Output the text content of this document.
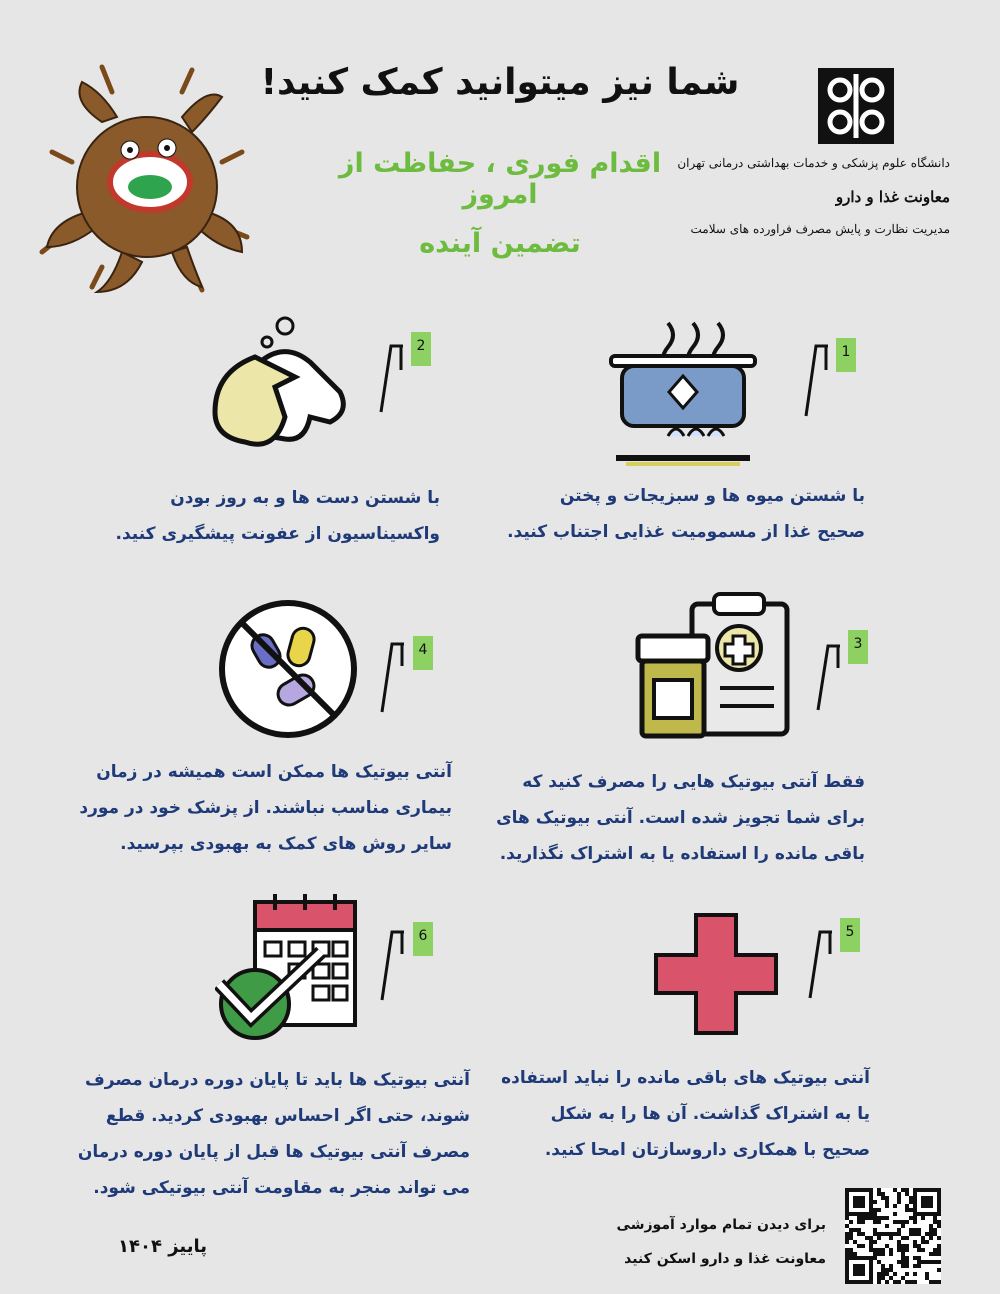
شما نیز میتوانید کمک کنید!
اقدام فوری ، حفاظت از امروز
تضمین آینده
دانشگاه علوم پزشکی و خدمات بهداشتی درمانی تهران
معاونت غذا و دارو
مدیریت نظارت و پایش مصرف فراورده های سلامت
1
با شستن میوه ها و سبزیجات و پختن
صحیح غذا از مسمومیت غذایی اجتناب کنید.
2
با شستن دست ها و به روز بودن
واکسیناسیون از عفونت پیشگیری کنید.
3
فقط آنتی بیوتیک هایی را مصرف کنید که
برای شما تجویز شده است. آنتی بیوتیک های
باقی مانده را استفاده یا به اشتراک نگذارید.
4
آنتی بیوتیک ها ممکن است همیشه در زمان
بیماری مناسب نباشند. از پزشک خود در مورد
سایر روش های کمک به بهبودی بپرسید.
5
آنتی بیوتیک های باقی مانده را نباید استفاده
یا به اشتراک گذاشت. آن ها را به شکل
صحیح با همکاری داروسازتان امحا کنید.
6
آنتی بیوتیک ها باید تا پایان دوره درمان مصرف
شوند، حتی اگر احساس بهبودی کردید. قطع
مصرف آنتی بیوتیک ها قبل از پایان دوره درمان
می تواند منجر به مقاومت آنتی بیوتیکی شود.
برای دیدن تمام موارد آموزشی
معاونت غذا و دارو اسکن کنید
پاییز ۱۴۰۴
